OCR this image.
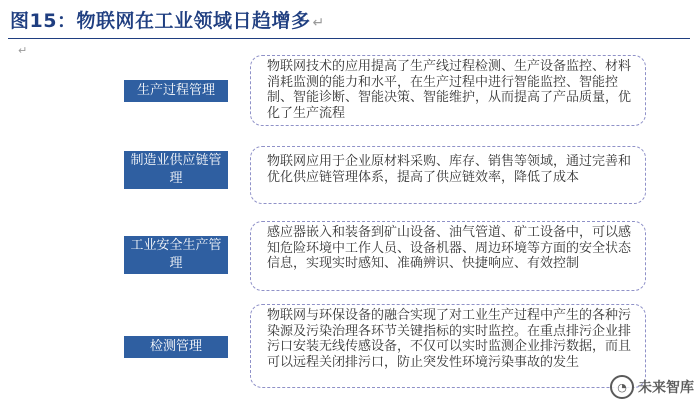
图15：物联网在工业领域日趋增多 ↵
↵
生产过程管理

物联网技术的应用提高了生产线过程检测、生产设备监控、材料消耗监测的能力和水平，在生产过程中进行智能监控、智能控制、智能诊断、智能决策、智能维护，从而提高了产品质量，优化了生产流程

制造业供应链管理

物联网应用于企业原材料采购、库存、销售等领域，通过完善和优化供应链管理体系，提高了供应链效率，降低了成本

工业安全生产管理

感应器嵌入和装备到矿山设备、油气管道、矿工设备中，可以感知危险环境中工作人员、设备机器、周边环境等方面的安全状态信息，实现实时感知、准确辨识、快捷响应、有效控制

检测管理

物联网与环保设备的融合实现了对工业生产过程中产生的各种污染源及污染治理各环节关键指标的实时监控。在重点排污企业排污口安装无线传感设备，不仅可以实时监测企业排污数据，而且可以远程关闭排污口，防止突发性环境污染事故的发生

◔ 未来智库
